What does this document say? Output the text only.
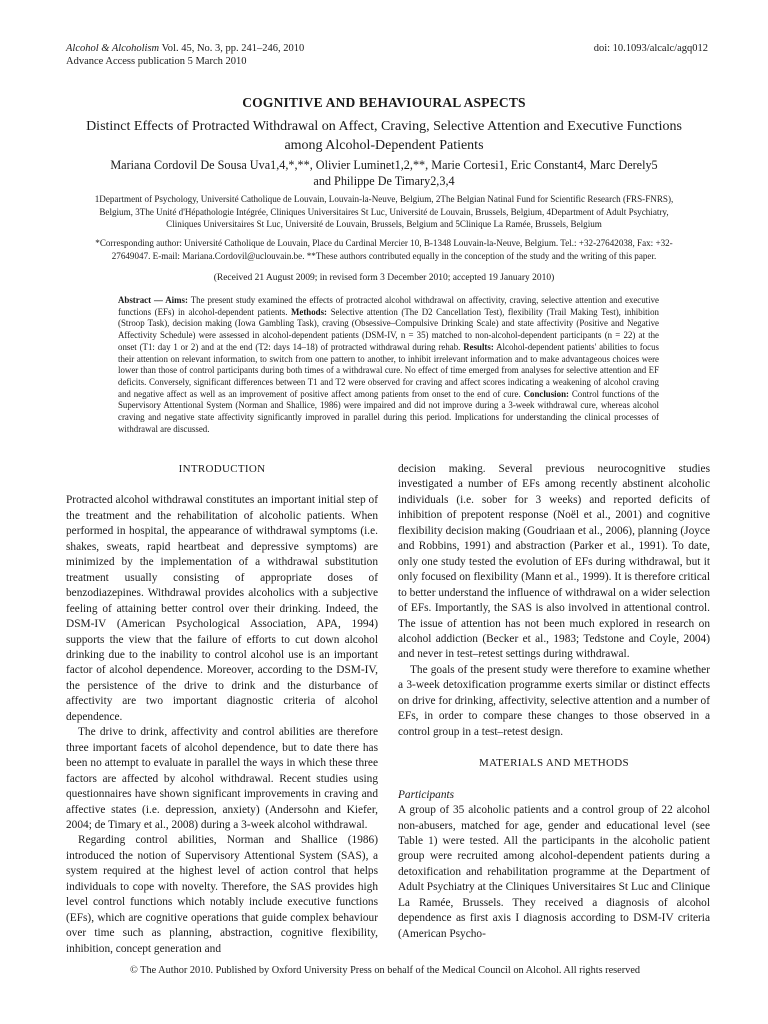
Alcohol & Alcoholism Vol. 45, No. 3, pp. 241–246, 2010
Advance Access publication 5 March 2010
doi: 10.1093/alcalc/agq012
COGNITIVE AND BEHAVIOURAL ASPECTS
Distinct Effects of Protracted Withdrawal on Affect, Craving, Selective Attention and Executive Functions among Alcohol-Dependent Patients
Mariana Cordovil De Sousa Uva1,4,*,**, Olivier Luminet1,2,**, Marie Cortesi1, Eric Constant4, Marc Derely5
and Philippe De Timary2,3,4
1Department of Psychology, Université Catholique de Louvain, Louvain-la-Neuve, Belgium, 2The Belgian Natinal Fund for Scientific Research (FRS-FNRS),
Belgium, 3The Unité d'Hépathologie Intégrée, Cliniques Universitaires St Luc, Université de Louvain, Brussels, Belgium, 4Department of Adult Psychiatry,
Cliniques Universitaires St Luc, Université de Louvain, Brussels, Belgium and 5Clinique La Ramée, Brussels, Belgium
*Corresponding author: Université Catholique de Louvain, Place du Cardinal Mercier 10, B-1348 Louvain-la-Neuve, Belgium. Tel.: +32-27642038, Fax: +32-
27649047. E-mail: Mariana.Cordovil@uclouvain.be. **These authors contributed equally in the conception of the study and the writing of this paper.
(Received 21 August 2009; in revised form 3 December 2010; accepted 19 January 2010)
Abstract — Aims: The present study examined the effects of protracted alcohol withdrawal on affectivity, craving, selective attention and executive functions (EFs) in alcohol-dependent patients. Methods: Selective attention (The D2 Cancellation Test), flexibility (Trail Making Test), inhibition (Stroop Task), decision making (Iowa Gambling Task), craving (Obsessive–Compulsive Drinking Scale) and state affectivity (Positive and Negative Affectivity Schedule) were assessed in alcohol-dependent patients (DSM-IV, n = 35) matched to non-alcohol-dependent participants (n = 22) at the onset (T1: day 1 or 2) and at the end (T2: days 14–18) of protracted withdrawal during rehab. Results: Alcohol-dependent patients' abilities to focus their attention on relevant information, to switch from one pattern to another, to inhibit irrelevant information and to make advantageous choices were lower than those of control participants during both times of a withdrawal cure. No effect of time emerged from analyses for selective attention and EF deficits. Conversely, significant differences between T1 and T2 were observed for craving and affect scores indicating a weakening of alcohol craving and negative affect as well as an improvement of positive affect among patients from onset to the end of cure. Conclusion: Control functions of the Supervisory Attentional System (Norman and Shallice, 1986) were impaired and did not improve during a 3-week withdrawal cure, whereas alcohol craving and negative state affectivity significantly improved in parallel during this period. Implications for understanding the clinical processes of withdrawal are discussed.

INTRODUCTION

Protracted alcohol withdrawal constitutes an important initial step of the treatment and the rehabilitation of alcoholic patients. When performed in hospital, the appearance of withdrawal symptoms (i.e. shakes, sweats, rapid heartbeat and depressive symptoms) are minimized by the implementation of a withdrawal substitution treatment usually consisting of appropriate doses of benzodiazepines. Withdrawal provides alcoholics with a subjective feeling of attaining better control over their drinking. Indeed, the DSM-IV (American Psychological Association, APA, 1994) supports the view that the failure of efforts to cut down alcohol drinking due to the inability to control alcohol use is an important factor of alcohol dependence. Moreover, according to the DSM-IV, the persistence of the drive to drink and the disturbance of affectivity are two important diagnostic criteria of alcohol dependence.

The drive to drink, affectivity and control abilities are therefore three important facets of alcohol dependence, but to date there has been no attempt to evaluate in parallel the ways in which these three factors are affected by alcohol withdrawal. Recent studies using questionnaires have shown significant improvements in craving and affective states (i.e. depression, anxiety) (Andersohn and Kiefer, 2004; de Timary et al., 2008) during a 3-week alcohol withdrawal.

Regarding control abilities, Norman and Shallice (1986) introduced the notion of Supervisory Attentional System (SAS), a system required at the highest level of action control that helps individuals to cope with novelty. Therefore, the SAS provides high level control functions which notably include executive functions (EFs), which are cognitive operations that guide complex behaviour over time such as planning, abstraction, cognitive flexibility, inhibition, concept generation and

decision making. Several previous neurocognitive studies investigated a number of EFs among recently abstinent alcoholic individuals (i.e. sober for 3 weeks) and reported deficits of inhibition of prepotent response (Noël et al., 2001) and cognitive flexibility decision making (Goudriaan et al., 2006), planning (Joyce and Robbins, 1991) and abstraction (Parker et al., 1991). To date, only one study tested the evolution of EFs during withdrawal, but it only focused on flexibility (Mann et al., 1999). It is therefore critical to better understand the influence of withdrawal on a wider selection of EFs. Importantly, the SAS is also involved in attentional control. The issue of attention has not been much explored in research on alcohol addiction (Becker et al., 1983; Tedstone and Coyle, 2004) and never in test–retest settings during withdrawal.

The goals of the present study were therefore to examine whether a 3-week detoxification programme exerts similar or distinct effects on drive for drinking, affectivity, selective attention and a number of EFs, in order to compare these changes to those observed in a control group in a test–retest design.

MATERIALS AND METHODS

Participants

A group of 35 alcoholic patients and a control group of 22 alcohol non-abusers, matched for age, gender and educational level (see Table 1) were tested. All the participants in the alcoholic patient group were recruited among alcohol-dependent patients during a detoxification and rehabilitation programme at the Department of Adult Psychiatry at the Cliniques Universitaires St Luc and Clinique La Ramée, Brussels. They received a diagnosis of alcohol dependence as first axis I diagnosis according to DSM-IV criteria (American Psycho-

© The Author 2010. Published by Oxford University Press on behalf of the Medical Council on Alcohol. All rights reserved
